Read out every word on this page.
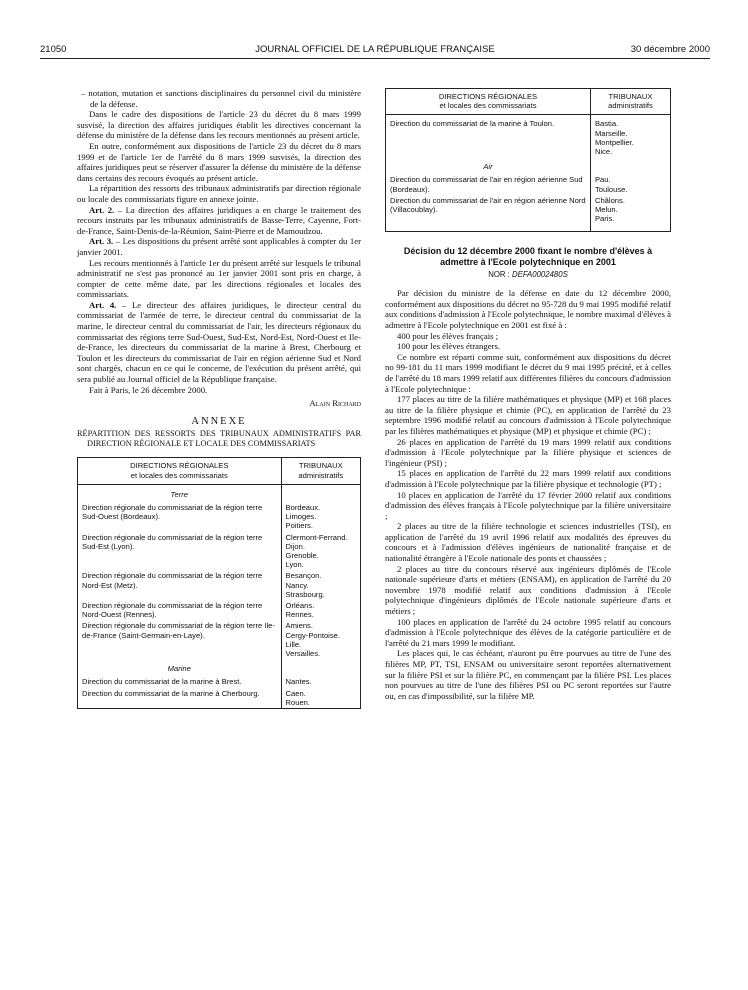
21050	JOURNAL OFFICIEL DE LA RÉPUBLIQUE FRANÇAISE	30 décembre 2000

– notation, mutation et sanctions disciplinaires du personnel civil du ministère de la défense.

Dans le cadre des dispositions de l'article 23 du décret du 8 mars 1999 susvisé, la direction des affaires juridiques établit les directives concernant la défense du ministère de la défense dans les recours mentionnés au présent article.

En outre, conformément aux dispositions de l'article 23 du décret du 8 mars 1999 et de l'article 1er de l'arrêté du 8 mars 1999 susvisés, la direction des affaires juridiques peut se réserver d'assurer la défense du ministère de la défense dans certains des recours évoqués au présent article.

La répartition des ressorts des tribunaux administratifs par direction régionale ou locale des commissariats figure en annexe jointe.

Art. 2. – La direction des affaires juridiques a en charge le traitement des recours instruits par les tribunaux administratifs de Basse-Terre, Cayenne, Fort-de-France, Saint-Denis-de-la-Réunion, Saint-Pierre et de Mamoudzou.

Art. 3. – Les dispositions du présent arrêté sont applicables à compter du 1er janvier 2001.

Les recours mentionnés à l'article 1er du présent arrêté sur lesquels le tribunal administratif ne s'est pas prononcé au 1er janvier 2001 sont pris en charge, à compter de cette même date, par les directions régionales et locales des commissariats.

Art. 4. – Le directeur des affaires juridiques, le directeur central du commissariat de l'armée de terre, le directeur central du commissariat de la marine, le directeur central du commissariat de l'air, les directeurs régionaux du commissariat des régions terre Sud-Ouest, Sud-Est, Nord-Est, Nord-Ouest et Ile-de-France, les directeurs du commissariat de la marine à Brest, Cherbourg et Toulon et les directeurs du commissariat de l'air en région aérienne Sud et Nord sont chargés, chacun en ce qui le concerne, de l'exécution du présent arrêté, qui sera publié au Journal officiel de la République française.

Fait à Paris, le 26 décembre 2000.

Alain Richard

ANNEXE
RÉPARTITION DES RESSORTS DES TRIBUNAUX ADMINISTRATIFS PAR DIRECTION RÉGIONALE ET LOCALE DES COMMISSARIATS
DIRECTIONS RÉGIONALES
et locales des commissariats	TRIBUNAUX
administratifs
Terre	
Direction régionale du commissariat de la région terre Sud-Ouest (Bordeaux).	Bordeaux.
Limoges.
Poitiers.
Direction régionale du commissariat de la région terre Sud-Est (Lyon).	Clermont-Ferrand.
Dijon.
Grenoble.
Lyon.
Direction régionale du commissariat de la région terre Nord-Est (Metz).	Besançon.
Nancy.
Strasbourg.
Direction régionale du commissariat de la région terre Nord-Ouest (Rennes).	Orléans.
Rennes.
Direction régionale du commissariat de la région terre Ile-de-France (Saint-Germain-en-Laye).	Amiens.
Cergy-Pontoise.
Lille.
Versailles.
Marine	
Direction du commissariat de la marine à Brest.	Nantes.
Direction du commissariat de la marine à Cherbourg.	Caen.
Rouen.
DIRECTIONS RÉGIONALES
et locales des commissariats	TRIBUNAUX
administratifs
Direction du commissariat de la marine à Toulon.	Bastia.
Marseille.
Montpellier.
Nice.
Air	
Direction du commissariat de l'air en région aérienne Sud (Bordeaux).	Pau.
Toulouse.
Direction du commissariat de l'air en région aérienne Nord (Villacoublay).	Châlons.
Melun.
Paris.
Décision du 12 décembre 2000 fixant le nombre d'élèves à admettre à l'Ecole polytechnique en 2001
NOR : DEFA0002480S

Par décision du ministre de la défense en date du 12 décembre 2000, conformément aux dispositions du décret no 95-728 du 9 mai 1995 modifié relatif aux conditions d'admission à l'Ecole polytechnique, le nombre maximal d'élèves à admettre à l'Ecole polytechnique en 2001 est fixé à :

400 pour les élèves français ;

100 pour les élèves étrangers.

Ce nombre est réparti comme suit, conformément aux dispositions du décret no 99-181 du 11 mars 1999 modifiant le décret du 9 mai 1995 précité, et à celles de l'arrêté du 18 mars 1999 relatif aux différentes filières du concours d'admission à l'Ecole polytechnique :

177 places au titre de la filière mathématiques et physique (MP) et 168 places au titre de la filière physique et chimie (PC), en application de l'arrêté du 23 septembre 1996 modifié relatif au concours d'admission à l'Ecole polytechnique par les filières mathématiques et physique (MP) et physique et chimie (PC) ;

26 places en application de l'arrêté du 19 mars 1999 relatif aux conditions d'admission à l'Ecole polytechnique par la filière physique et sciences de l'ingénieur (PSI) ;

15 places en application de l'arrêté du 22 mars 1999 relatif aux conditions d'admission à l'Ecole polytechnique par la filière physique et technologie (PT) ;

10 places en application de l'arrêté du 17 février 2000 relatif aux conditions d'admission des élèves français à l'Ecole polytechnique par la filière universitaire ;

2 places au titre de la filière technologie et sciences industrielles (TSI), en application de l'arrêté du 19 avril 1996 relatif aux modalités des épreuves du concours et à l'admission d'élèves ingénieurs de nationalité française et de nationalité étrangère à l'Ecole nationale des ponts et chaussées ;

2 places au titre du concours réservé aux ingénieurs diplômés de l'Ecole nationale supérieure d'arts et métiers (ENSAM), en application de l'arrêté du 20 novembre 1978 modifié relatif aux conditions d'admission à l'Ecole polytechnique d'ingénieurs diplômés de l'Ecole nationale supérieure d'arts et métiers ;

100 places en application de l'arrêté du 24 octobre 1995 relatif au concours d'admission à l'Ecole polytechnique des élèves de la catégorie particulière et de l'arrêté du 21 mars 1999 le modifiant.

Les places qui, le cas échéant, n'auront pu être pourvues au titre de l'une des filières MP, PT, TSI, ENSAM ou universitaire seront reportées alternativement sur la filière PSI et sur la filière PC, en commençant par la filière PSI. Les places non pourvues au titre de l'une des filières PSI ou PC seront reportées sur l'autre ou, en cas d'impossibilité, sur la filière MP.
